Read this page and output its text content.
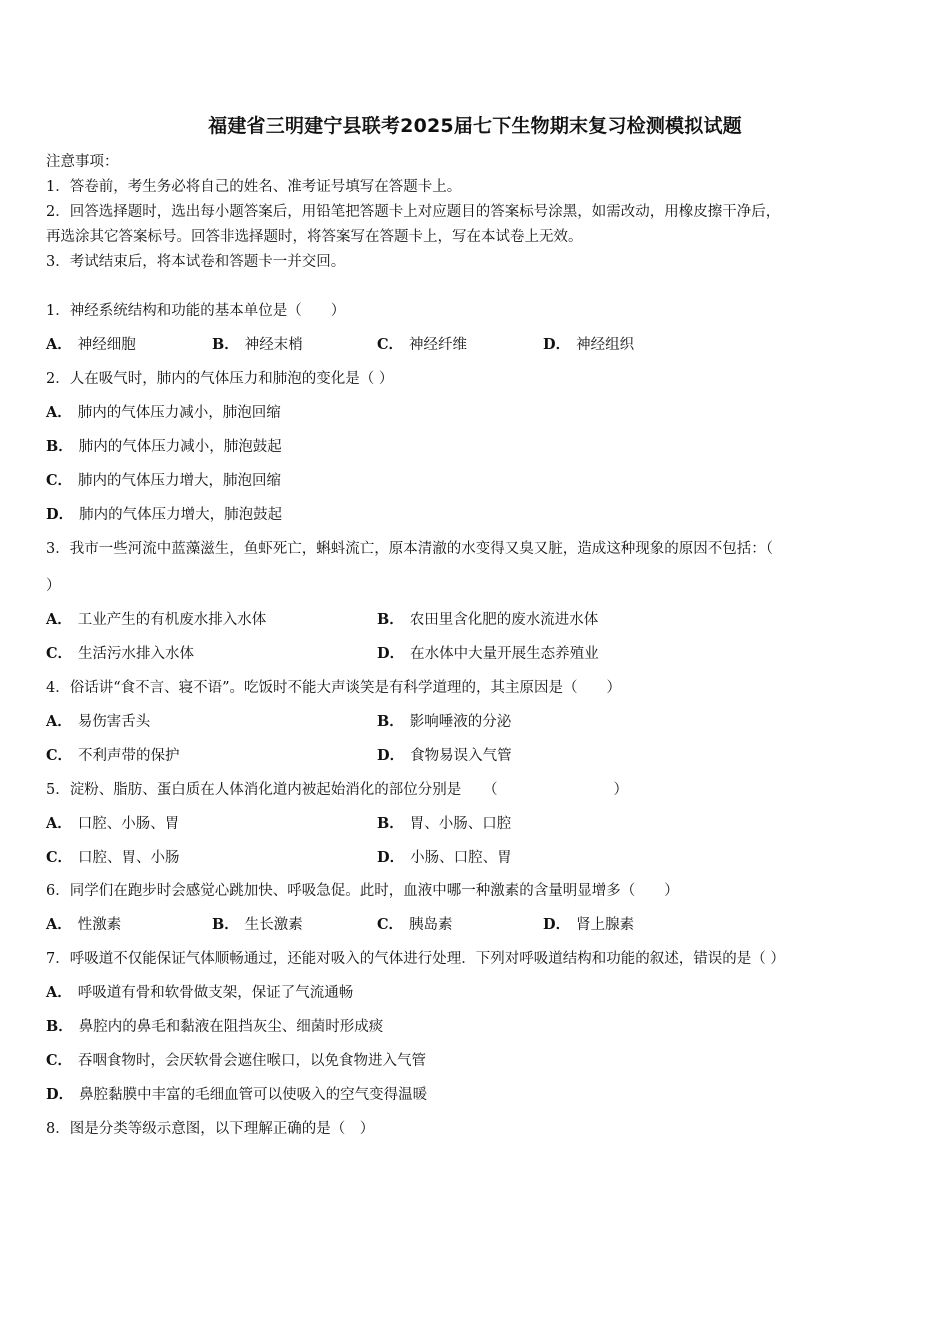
福建省三明建宁县联考2025届七下生物期末复习检测模拟试题
注意事项：
1．答卷前，考生务必将自己的姓名、准考证号填写在答题卡上。
2．回答选择题时，选出每小题答案后，用铅笔把答题卡上对应题目的答案标号涂黑，如需改动，用橡皮擦干净后，
再选涂其它答案标号。回答非选择题时，将答案写在答题卡上，写在本试卷上无效。
3．考试结束后，将本试卷和答题卡一并交回。
1．神经系统结构和功能的基本单位是（　　）
A． 神经细胞	B． 神经末梢	C． 神经纤维	D． 神经组织
2．人在吸气时，肺内的气体压力和肺泡的变化是（ ）
A． 肺内的气体压力减小，肺泡回缩
B． 肺内的气体压力减小，肺泡鼓起
C． 肺内的气体压力增大，肺泡回缩
D． 肺内的气体压力增大，肺泡鼓起
3．我市一些河流中蓝藻滋生，鱼虾死亡，蝌蚪流亡，原本清澈的水变得又臭又脏，造成这种现象的原因不包括：（
）
A． 工业产生的有机废水排入水体	B． 农田里含化肥的废水流进水体
C． 生活污水排入水体	D． 在水体中大量开展生态养殖业
4．俗话讲“食不言、寝不语”。吃饭时不能大声谈笑是有科学道理的，其主原因是（　　）
A． 易伤害舌头	B． 影响唾液的分泌
C． 不利声带的保护	D． 食物易误入气管
5．淀粉、脂肪、蛋白质在人体消化道内被起始消化的部位分别是　　（　　　　　　　　）
A． 口腔、小肠、胃	B． 胃、小肠、口腔
C． 口腔、胃、小肠	D． 小肠、口腔、胃
6．同学们在跑步时会感觉心跳加快、呼吸急促。此时，血液中哪一种激素的含量明显增多（　　）
A． 性激素	B． 生长激素	C． 胰岛素	D． 肾上腺素
7．呼吸道不仅能保证气体顺畅通过，还能对吸入的气体进行处理．下列对呼吸道结构和功能的叙述，错误的是（ ）
A． 呼吸道有骨和软骨做支架，保证了气流通畅
B． 鼻腔内的鼻毛和黏液在阻挡灰尘、细菌时形成痰
C． 吞咽食物时，会厌软骨会遮住喉口，以免食物进入气管
D． 鼻腔黏膜中丰富的毛细血管可以使吸入的空气变得温暖
8．图是分类等级示意图，以下理解正确的是（　）
